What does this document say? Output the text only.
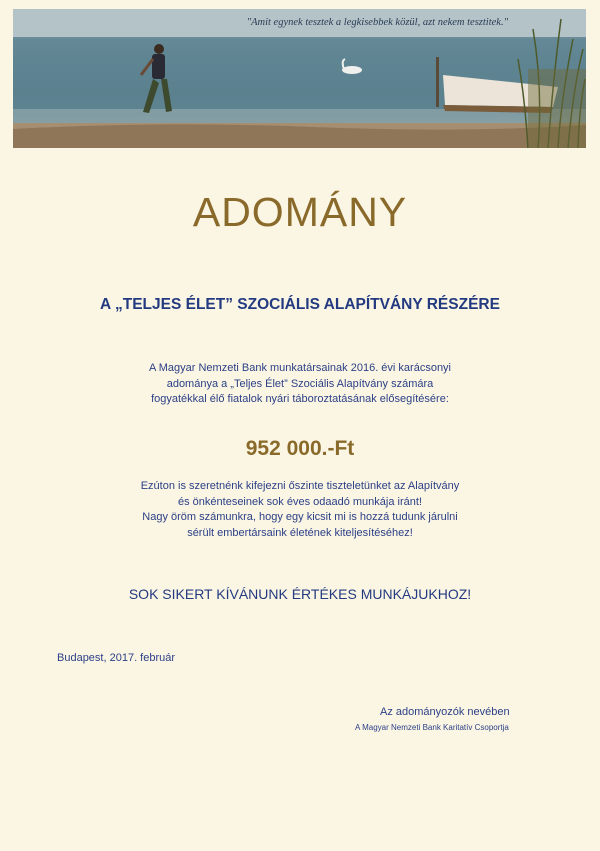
"Amit egynek tesztek a legkisebbek közül, azt nekem tesztitek."
ADOMÁNY
A „TELJES ÉLET” SZOCIÁLIS ALAPÍTVÁNY RÉSZÉRE
A Magyar Nemzeti Bank munkatársainak 2016. évi karácsonyi
adománya a „Teljes Élet” Szociális Alapítvány számára
fogyatékkal élő fiatalok nyári táboroztatásának elősegítésére:
952 000.-Ft
Ezúton is szeretnénk kifejezni őszinte tiszteletünket az Alapítvány
és önkénteseinek sok éves odaadó munkája iránt!
Nagy öröm számunkra, hogy egy kicsit mi is hozzá tudunk járulni
sérült embertársaink életének kiteljesítéséhez!
SOK SIKERT KÍVÁNUNK ÉRTÉKES MUNKÁJUKHOZ!
Budapest, 2017. február
Az adományozók nevében
A Magyar Nemzeti Bank Karitatív Csoportja
